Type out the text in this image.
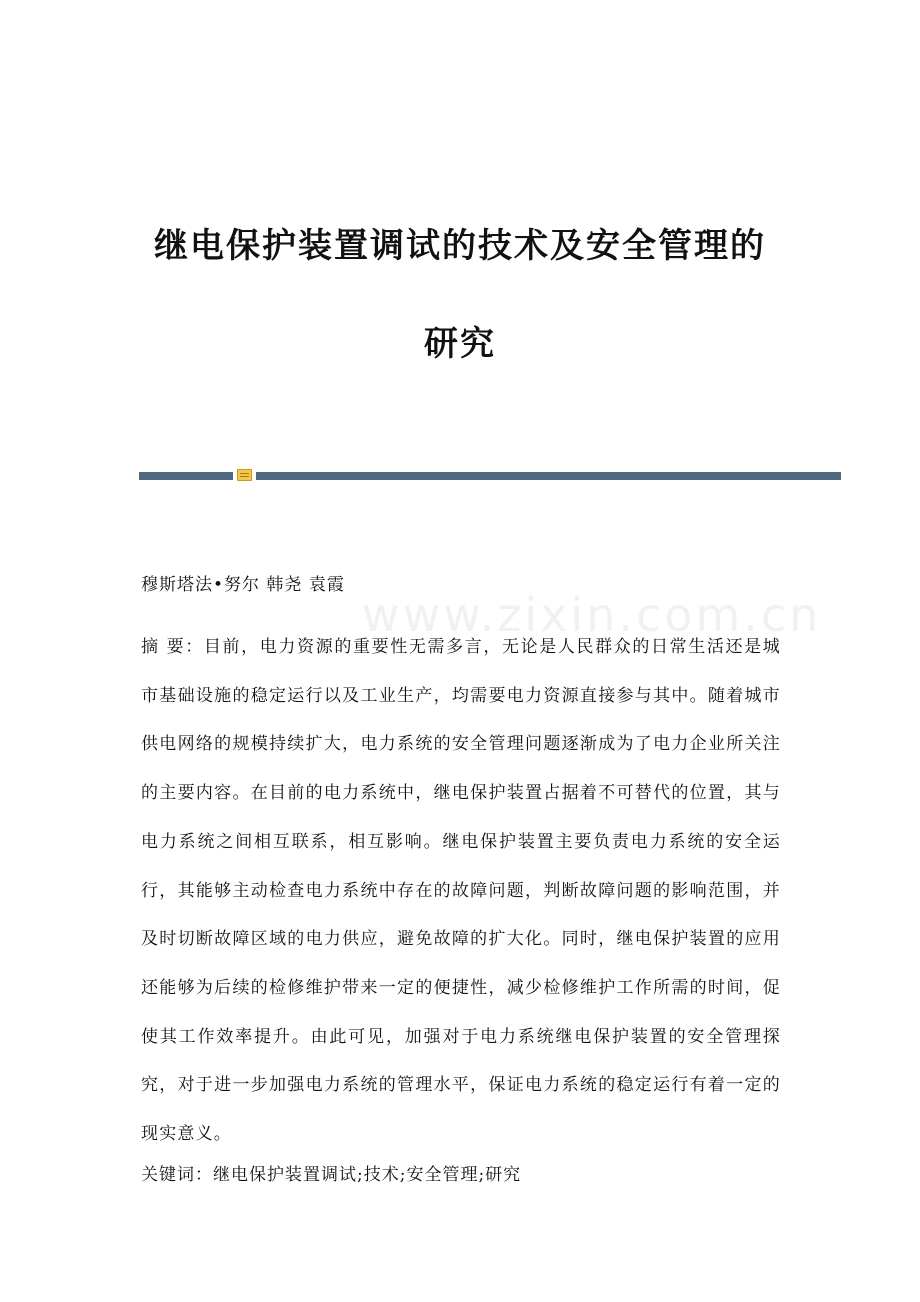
继电保护装置调试的技术及安全管理的
研究
www.zixin.com.cn
穆斯塔法•努尔 韩尧 袁霞
摘 要：目前，电力资源的重要性无需多言，无论是人民群众的日常生活还是城市基础设施的稳定运行以及工业生产，均需要电力资源直接参与其中。随着城市供电网络的规模持续扩大，电力系统的安全管理问题逐渐成为了电力企业所关注的主要内容。在目前的电力系统中，继电保护装置占据着不可替代的位置，其与电力系统之间相互联系，相互影响。继电保护装置主要负责电力系统的安全运行，其能够主动检查电力系统中存在的故障问题，判断故障问题的影响范围，并及时切断故障区域的电力供应，避免故障的扩大化。同时，继电保护装置的应用还能够为后续的检修维护带来一定的便捷性，减少检修维护工作所需的时间，促使其工作效率提升。由此可见，加强对于电力系统继电保护装置的安全管理探究，对于进一步加强电力系统的管理水平，保证电力系统的稳定运行有着一定的现实意义。
关键词：继电保护装置调试;技术;安全管理;研究
